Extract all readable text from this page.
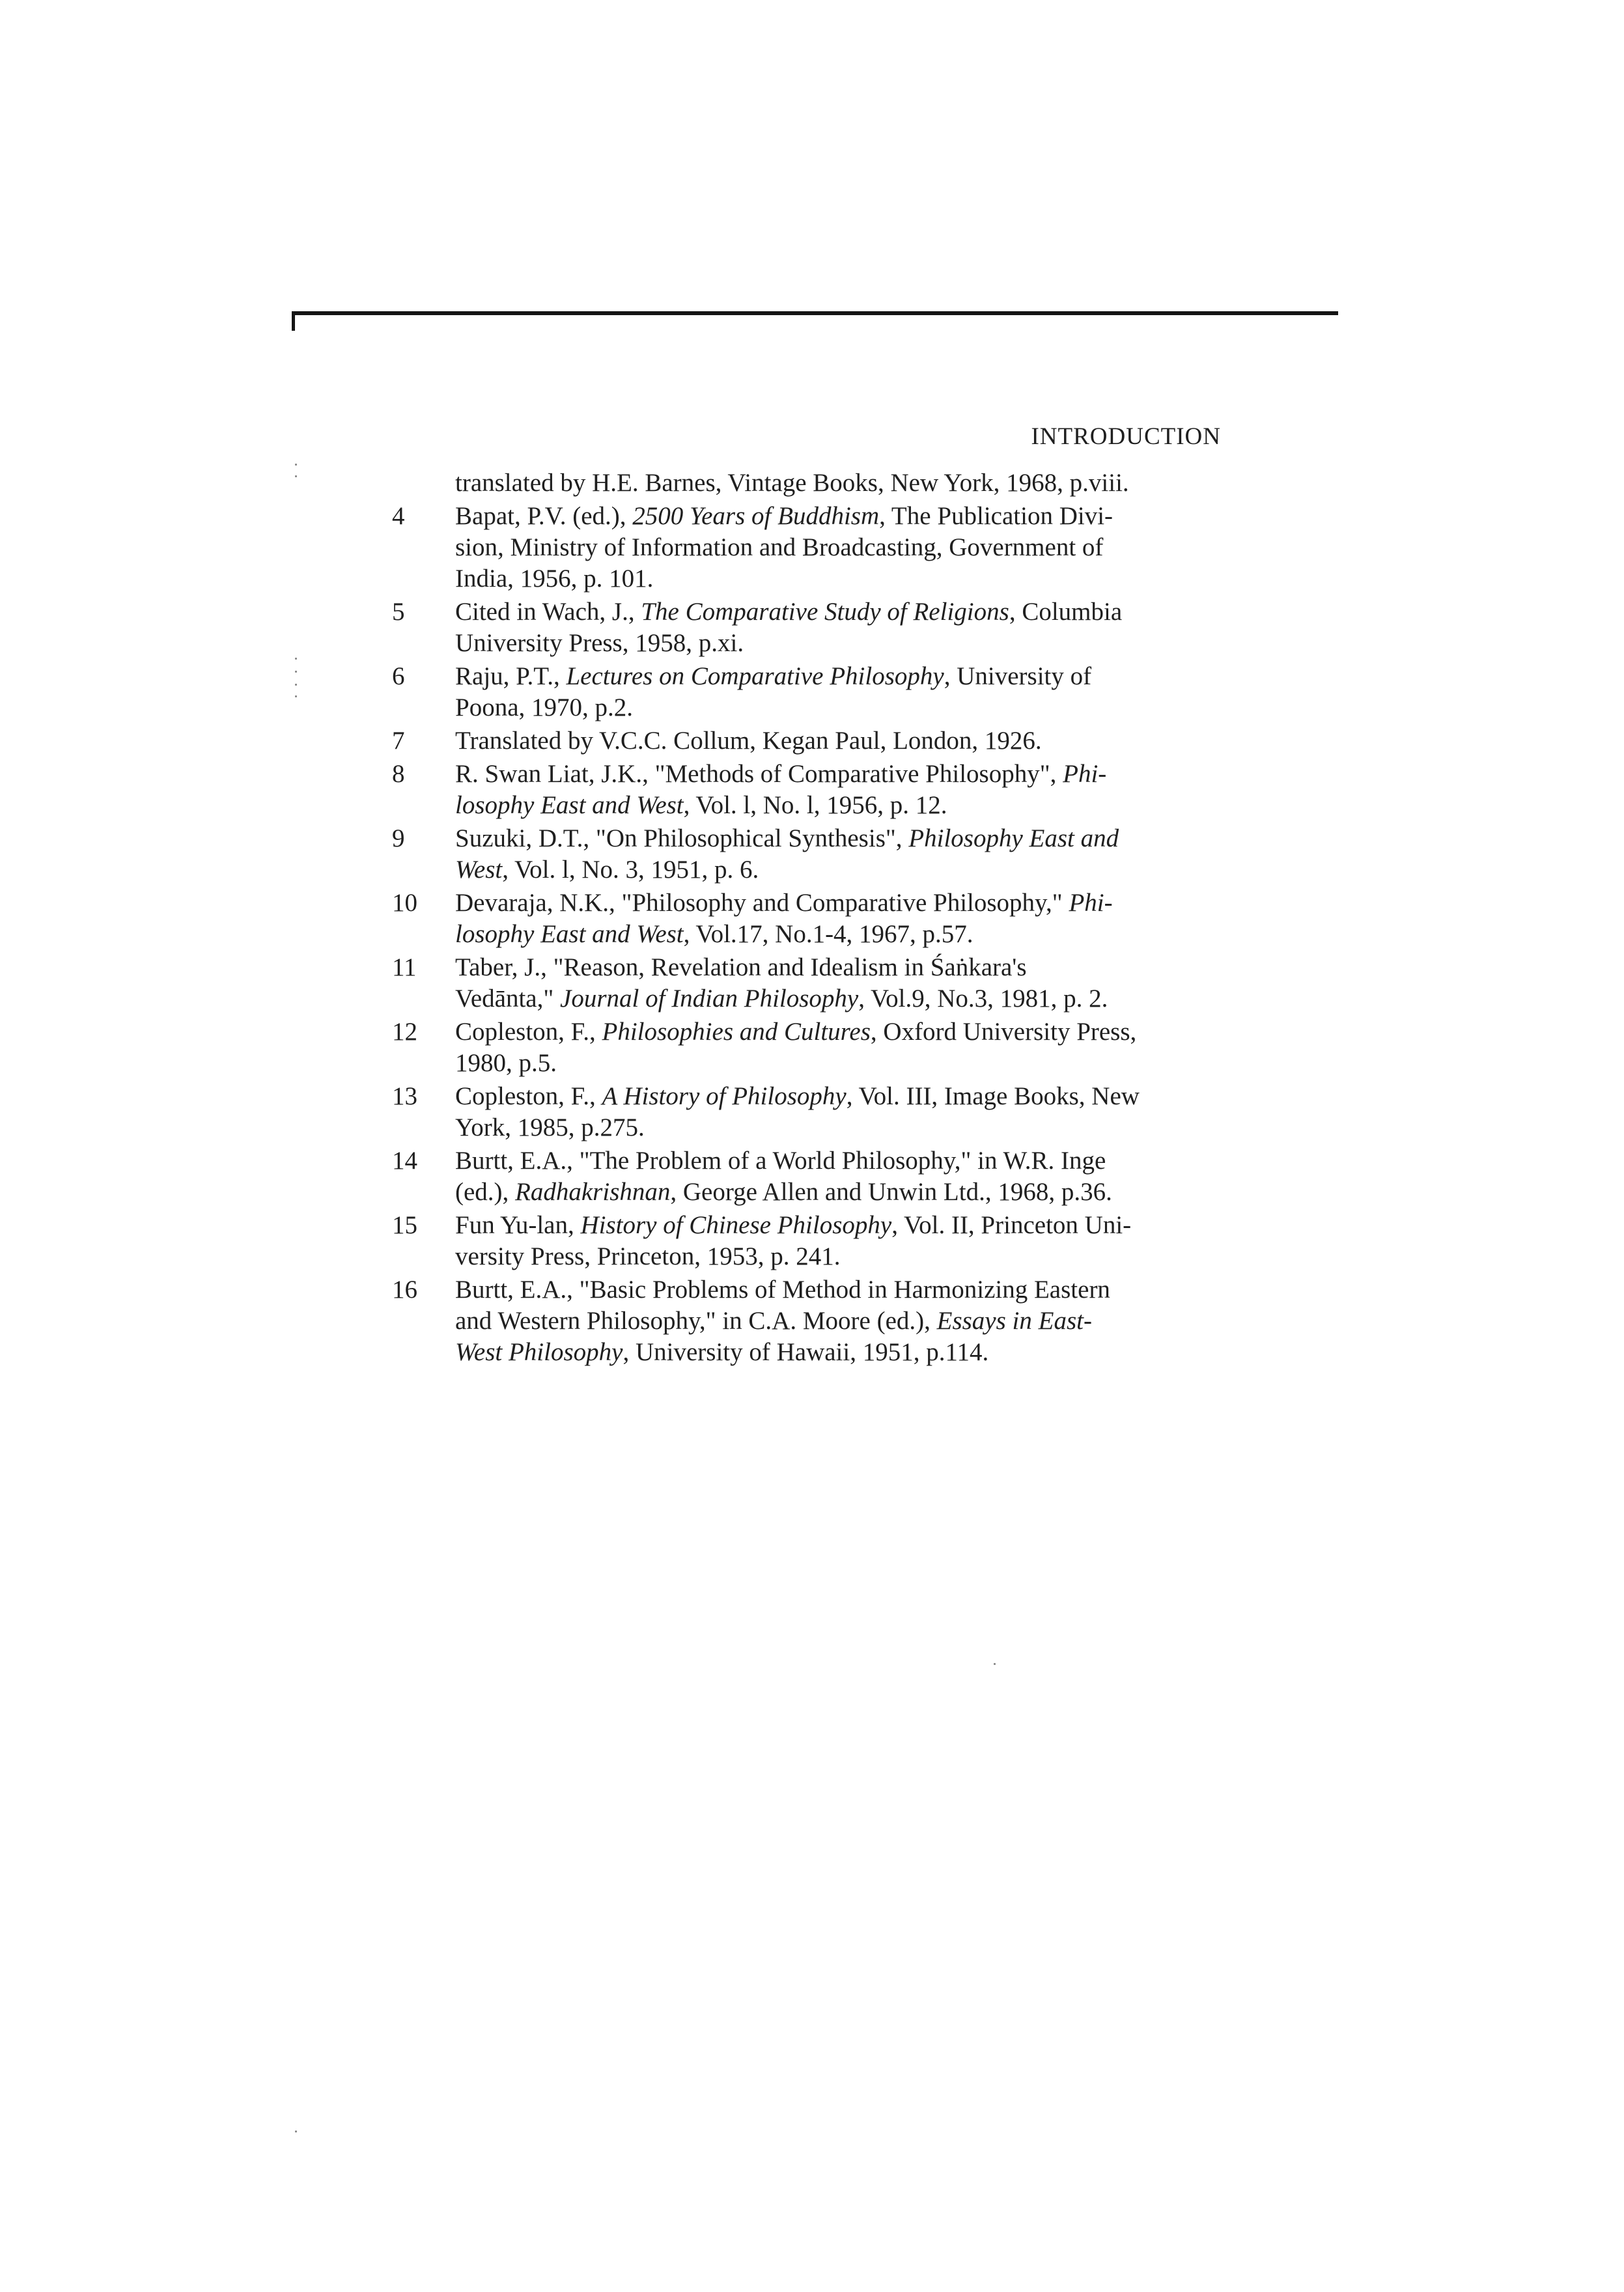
INTRODUCTION
translated by H.E. Barnes, Vintage Books, New York, 1968, p.viii.
4	Bapat, P.V. (ed.), 2500 Years of Buddhism, The Publication Divi-
sion, Ministry of Information and Broadcasting, Government of
India, 1956, p. 101.
5	Cited in Wach, J., The Comparative Study of Religions, Columbia
University Press, 1958, p.xi.
6	Raju, P.T., Lectures on Comparative Philosophy, University of
Poona, 1970, p.2.
7	Translated by V.C.C. Collum, Kegan Paul, London, 1926.
8	R. Swan Liat, J.K., "Methods of Comparative Philosophy", Phi-
losophy East and West, Vol. l, No. l, 1956, p. 12.
9	Suzuki, D.T., "On Philosophical Synthesis", Philosophy East and
West, Vol. l, No. 3, 1951, p. 6.
10	Devaraja, N.K., "Philosophy and Comparative Philosophy," Phi-
losophy East and West, Vol.17, No.1-4, 1967, p.57.
11	Taber, J., "Reason, Revelation and Idealism in Śaṅkara's
Vedānta," Journal of Indian Philosophy, Vol.9, No.3, 1981, p. 2.
12	Copleston, F., Philosophies and Cultures, Oxford University Press,
1980, p.5.
13	Copleston, F., A History of Philosophy, Vol. III, Image Books, New
York, 1985, p.275.
14	Burtt, E.A., "The Problem of a World Philosophy," in W.R. Inge
(ed.), Radhakrishnan, George Allen and Unwin Ltd., 1968, p.36.
15	Fun Yu-lan, History of Chinese Philosophy, Vol. II, Princeton Uni-
versity Press, Princeton, 1953, p. 241.
16	Burtt, E.A., "Basic Problems of Method in Harmonizing Eastern
and Western Philosophy," in C.A. Moore (ed.), Essays in East-
West Philosophy, University of Hawaii, 1951, p.114.
